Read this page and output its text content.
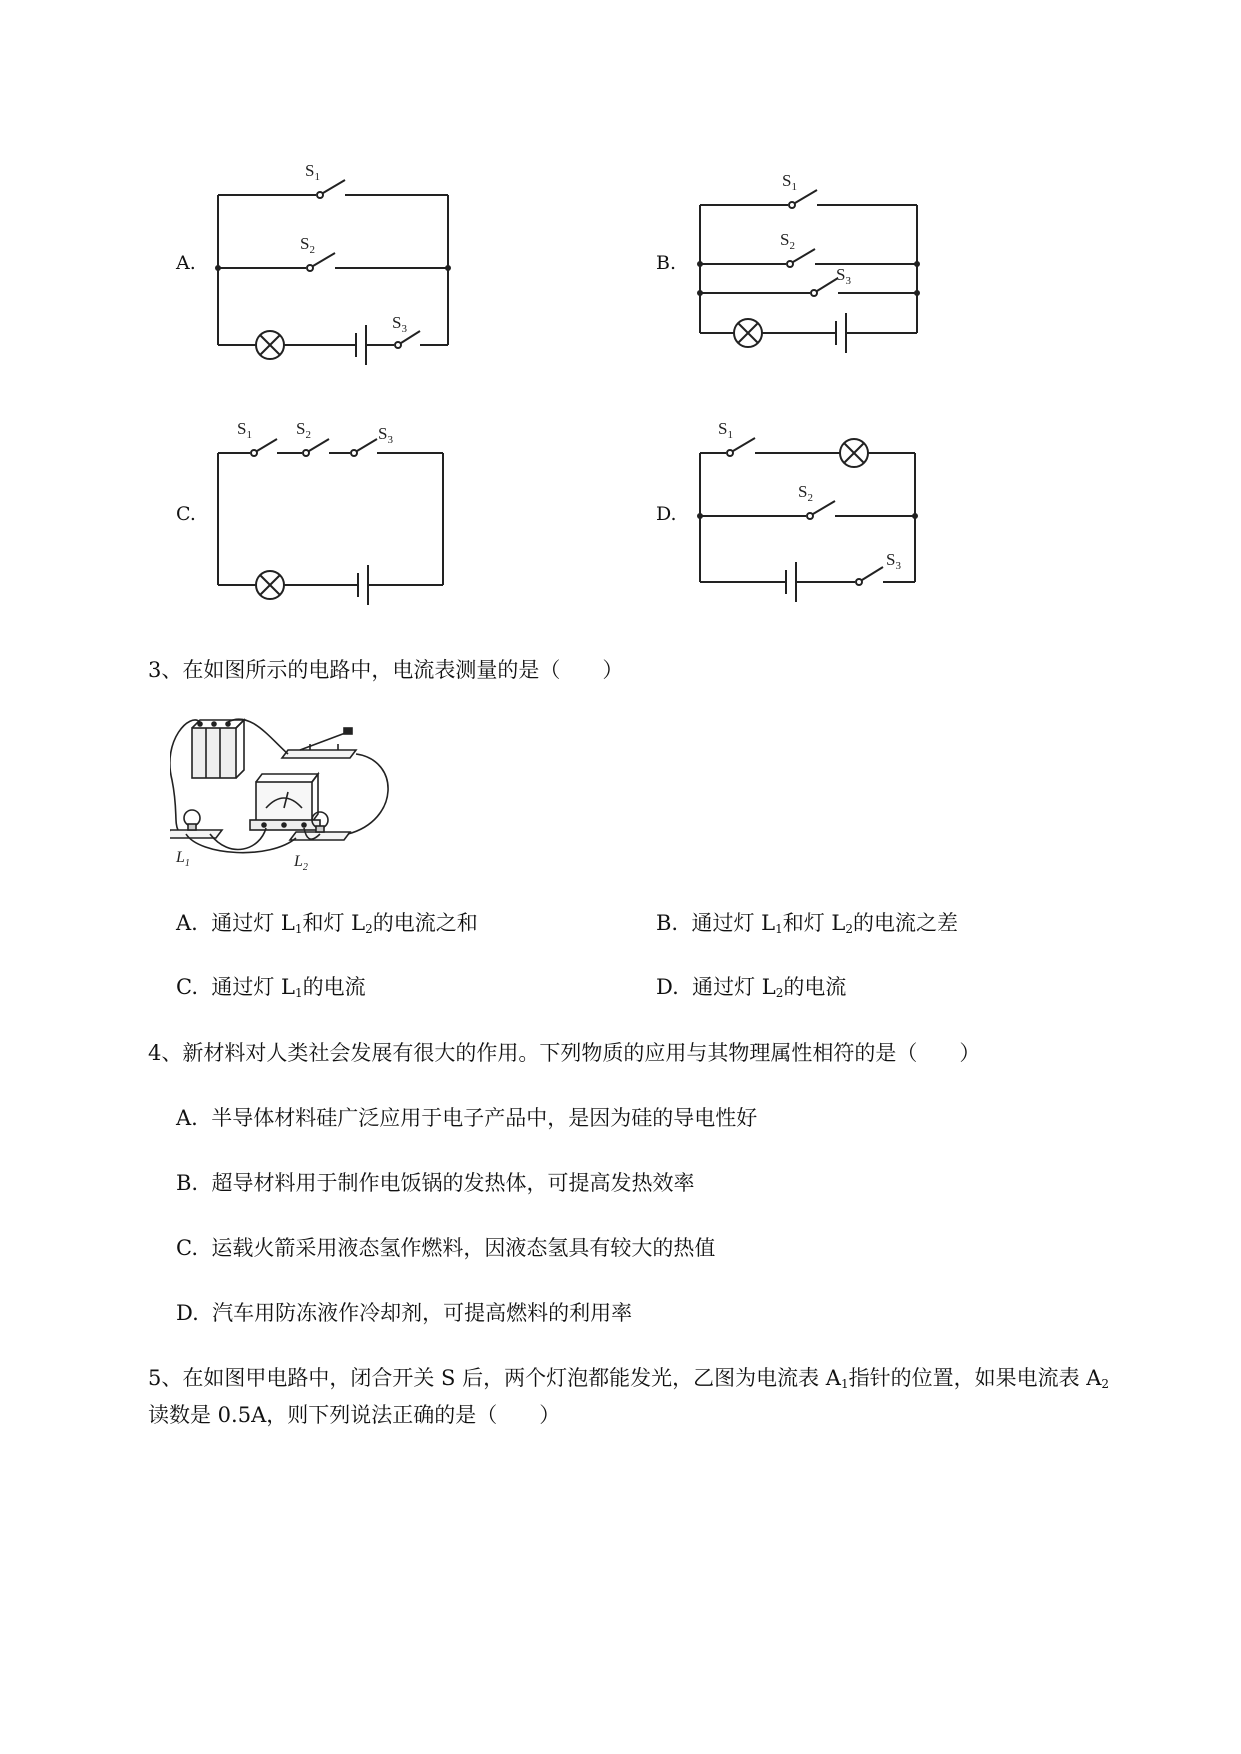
A.	B.
C.	D.
$S_1$
$S_2$
$S_3$
$S_1$
$S_2$
$S_3$
$S_1$	$S_2$	$S_3$
$S_1$
$S_2$
$S_3$
3、在如图所示的电路中，电流表测量的是（　　）
$L_1$	$L_2$
A. 通过灯 $L_1$和灯 $L_2$的电流之和	B. 通过灯 $L_1$和灯 $L_2$的电流之差
C. 通过灯 $L_1$的电流	D. 通过灯 $L_2$的电流
4、新材料对人类社会发展有很大的作用。下列物质的应用与其物理属性相符的是（　　）
A. 半导体材料硅广泛应用于电子产品中，是因为硅的导电性好
B. 超导材料用于制作电饭锅的发热体，可提高发热效率
C. 运载火箭采用液态氢作燃料，因液态氢具有较大的热值
D. 汽车用防冻液作冷却剂，可提高燃料的利用率
5、在如图甲电路中，闭合开关 S 后，两个灯泡都能发光，乙图为电流表 $A_1$指针的位置，如果电流表 $A_2$
读数是 0.5A，则下列说法正确的是（　　）
